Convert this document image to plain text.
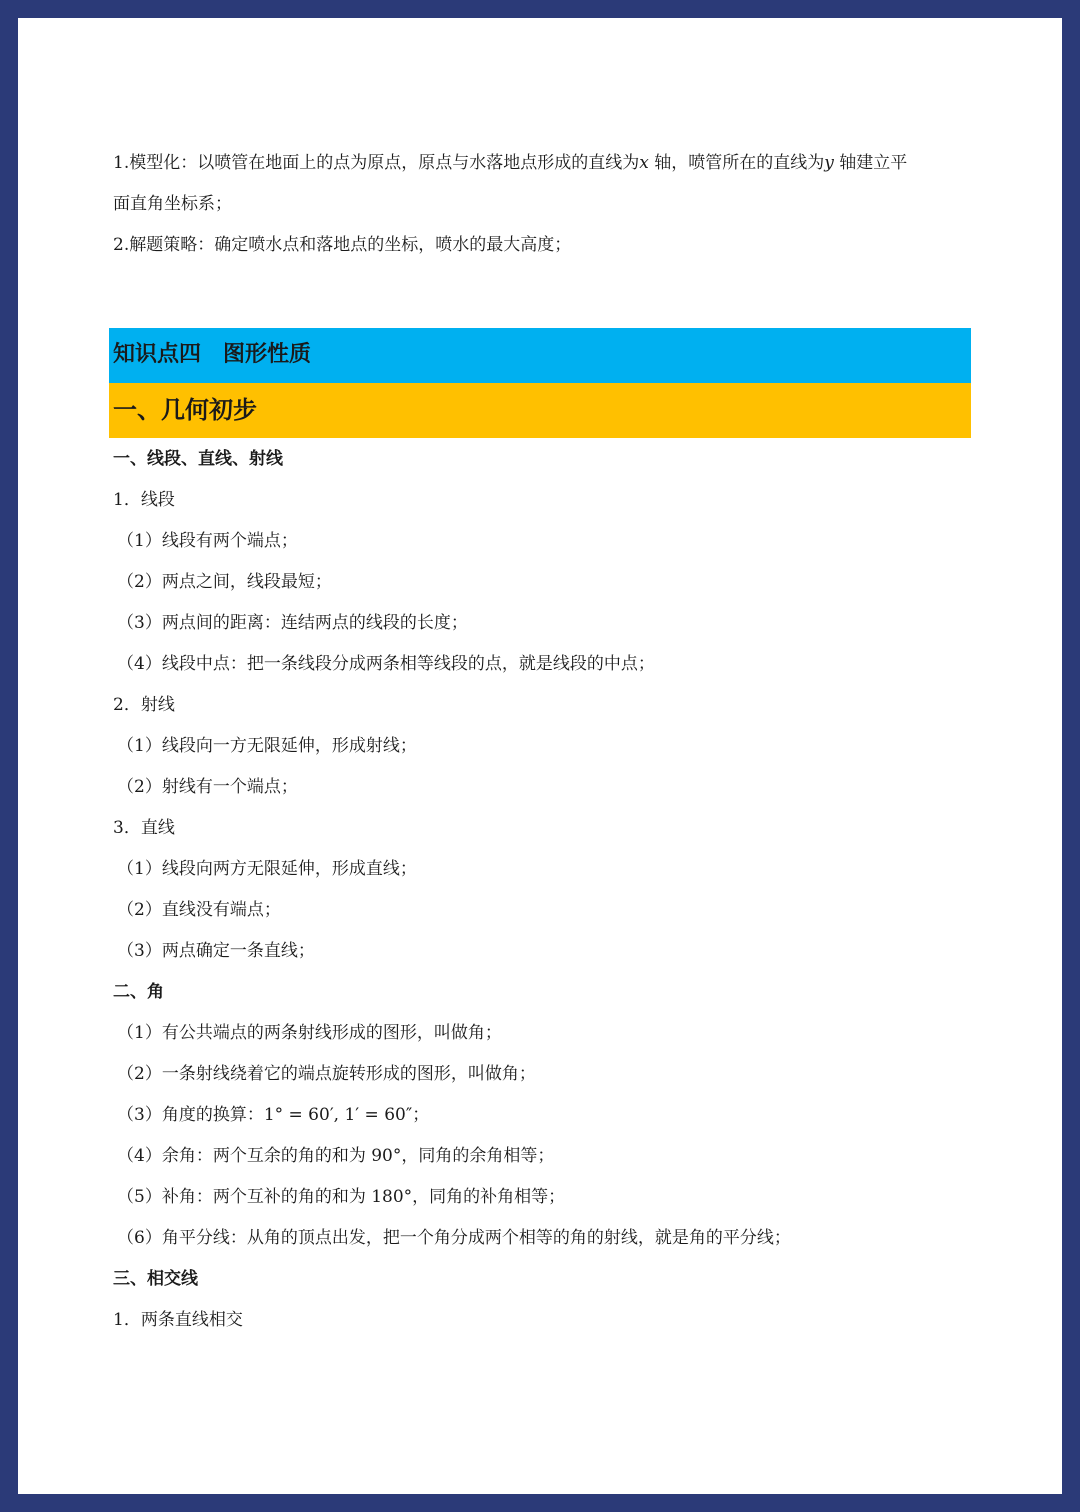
1.模型化：以喷管在地面上的点为原点，原点与水落地点形成的直线为x 轴，喷管所在的直线为y 轴建立平
面直角坐标系；
2.解题策略：确定喷水点和落地点的坐标，喷水的最大高度；
知识点四　图形性质
一、几何初步
一、线段、直线、射线
1．线段
（1）线段有两个端点；
（2）两点之间，线段最短；
（3）两点间的距离：连结两点的线段的长度；
（4）线段中点：把一条线段分成两条相等线段的点，就是线段的中点；
2．射线
（1）线段向一方无限延伸，形成射线；
（2）射线有一个端点；
3．直线
（1）线段向两方无限延伸，形成直线；
（2）直线没有端点；
（3）两点确定一条直线；
二、角
（1）有公共端点的两条射线形成的图形，叫做角；
（2）一条射线绕着它的端点旋转形成的图形，叫做角；
（3）角度的换算：1° = 60′, 1′ = 60″；
（4）余角：两个互余的角的和为 90°，同角的余角相等；
（5）补角：两个互补的角的和为 180°，同角的补角相等；
（6）角平分线：从角的顶点出发，把一个角分成两个相等的角的射线，就是角的平分线；
三、相交线
1．两条直线相交
